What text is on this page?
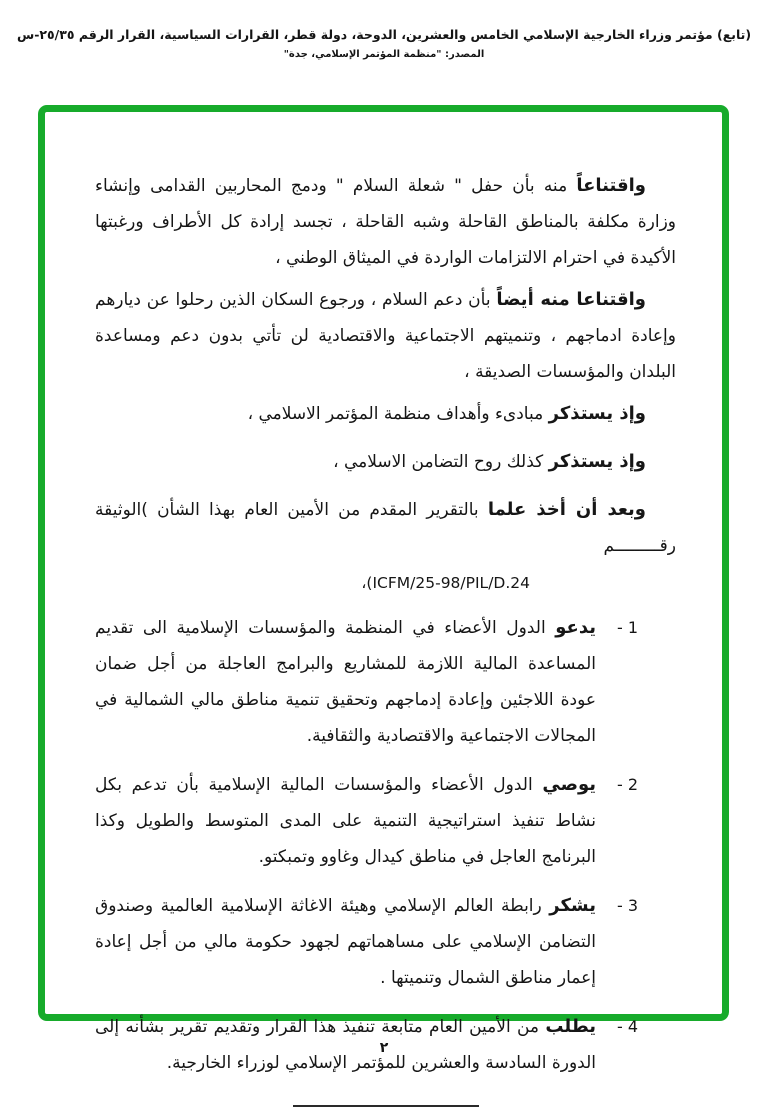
(تابع) مؤتمر وزراء الخارجية الإسلامي الخامس والعشرين، الدوحة، دولة قطر، القرارات السياسية، القرار الرقم ٢٥/٣٥-س
المصدر: "منظمة المؤتمر الإسلامي، جدة"

واقتناعاً منه بأن حفل " شعلة السلام " ودمج المحاربين القدامى وإنشاء وزارة مكلفة بالمناطق القاحلة وشبه القاحلة ، تجسد إرادة كل الأطراف ورغبتها الأكيدة في احترام الالتزامات الواردة في الميثاق الوطني ،

واقتناعا منه أيضاً بأن دعم السلام ، ورجوع السكان الذين رحلوا عن ديارهم وإعادة ادماجهم ، وتنميتهم الاجتماعية والاقتصادية لن تأتي بدون دعم ومساعدة البلدان والمؤسسات الصديقة ،

وإذ يستذكر مبادىء وأهداف منظمة المؤتمر الاسلامي ،

وإذ يستذكر كذلك روح التضامن الاسلامي ،

وبعد أن أخذ علما بالتقرير المقدم من الأمين العام بهذا الشأن )الوثيقة رقـــــــــم

،(ICFM/25-98/PIL/D.24
1 -
يدعو الدول الأعضاء في المنظمة والمؤسسات الإسلامية الى تقديم المساعدة المالية اللازمة للمشاريع والبرامج العاجلة من أجل ضمان عودة اللاجئين وإعادة إدماجهم وتحقيق تنمية مناطق مالي الشمالية في المجالات الاجتماعية والاقتصادية والثقافية.
2 -
يوصي الدول الأعضاء والمؤسسات المالية الإسلامية بأن تدعم بكل نشاط تنفيذ استراتيجية التنمية على المدى المتوسط والطويل وكذا البرنامج العاجل في مناطق كيدال وغاوو وتمبكتو.
3 -
يشكر رابطة العالم الإسلامي وهيئة الاغاثة الإسلامية العالمية وصندوق التضامن الإسلامي على مساهماتهم لجهود حكومة مالي من أجل إعادة إعمار مناطق الشمال وتنميتها .
4 -
يطلب من الأمين العام متابعة تنفيذ هذا القرار وتقديم تقرير بشأنه إلى الدورة السادسة والعشرين للمؤتمر الإسلامي لوزراء الخارجية.
٢
